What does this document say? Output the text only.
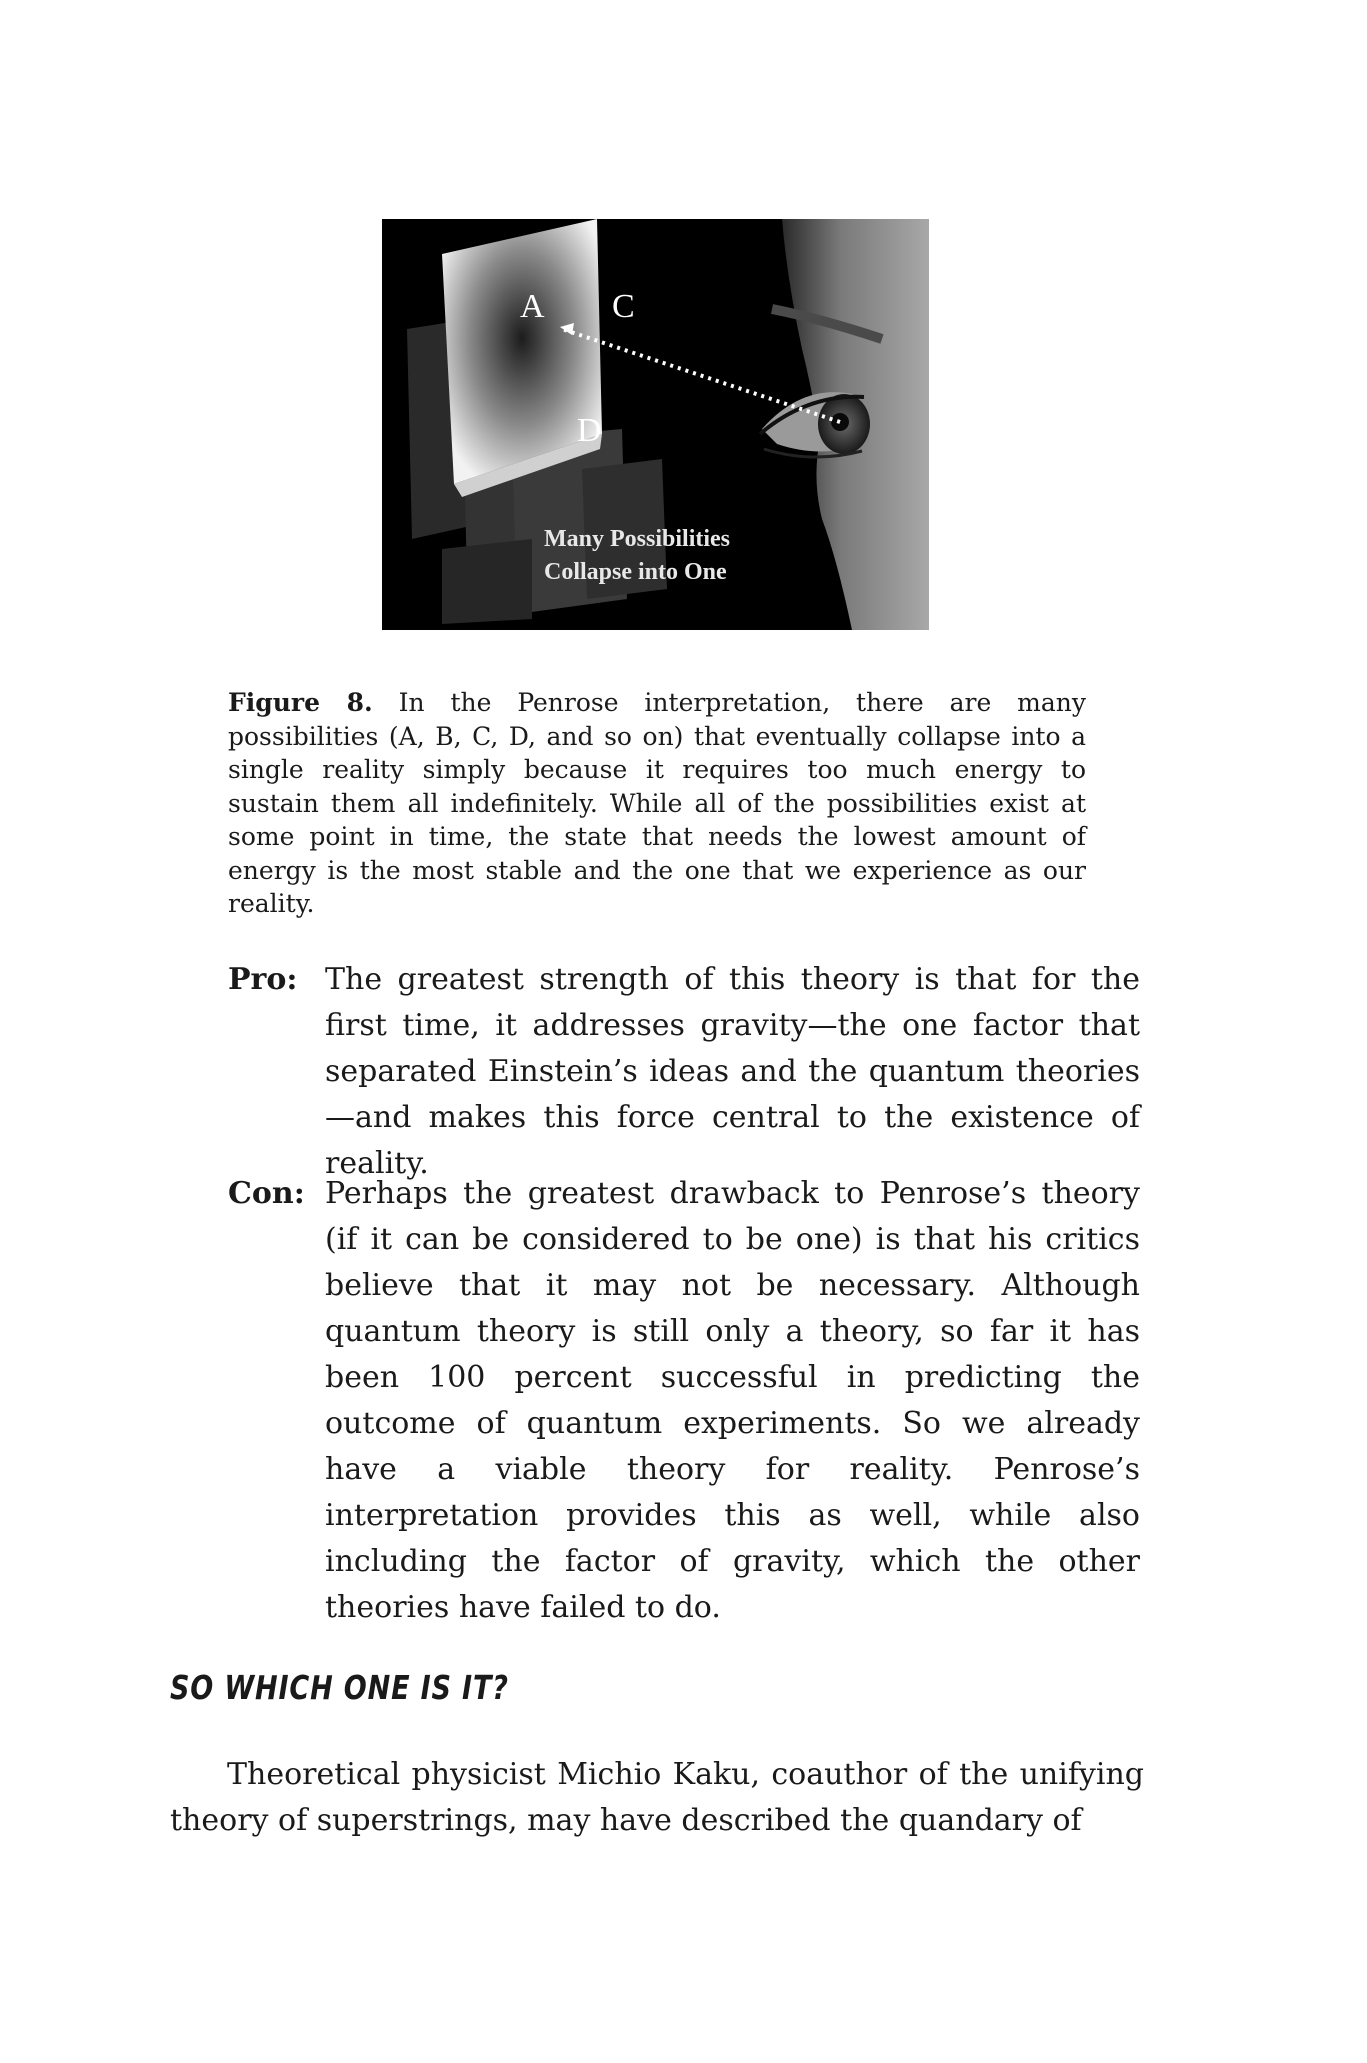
A C
D
Many Possibilities
Collapse into One
Figure 8. In the Penrose interpretation, there are many possibilities (A, B, C, D, and so on) that eventually collapse into a single reality simply because it requires too much energy to sustain them all indefinitely. While all of the possibilities exist at some point in time, the state that needs the lowest amount of energy is the most stable and the one that we experience as our reality.
Pro: The greatest strength of this theory is that for the first time, it addresses gravity—the one factor that separated Einstein’s ideas and the quantum theories—and makes this force central to the existence of reality.
Con: Perhaps the greatest drawback to Penrose’s theory (if it can be considered to be one) is that his critics believe that it may not be necessary. Although quantum theory is still only a theory, so far it has been 100 percent successful in predicting the outcome of quantum experiments. So we already have a viable theory for reality. Penrose’s interpretation provides this as well, while also including the factor of gravity, which the other theories have failed to do.
SO WHICH ONE IS IT?
Theoretical physicist Michio Kaku, coauthor of the unifying theory of superstrings, may have described the quandary of
